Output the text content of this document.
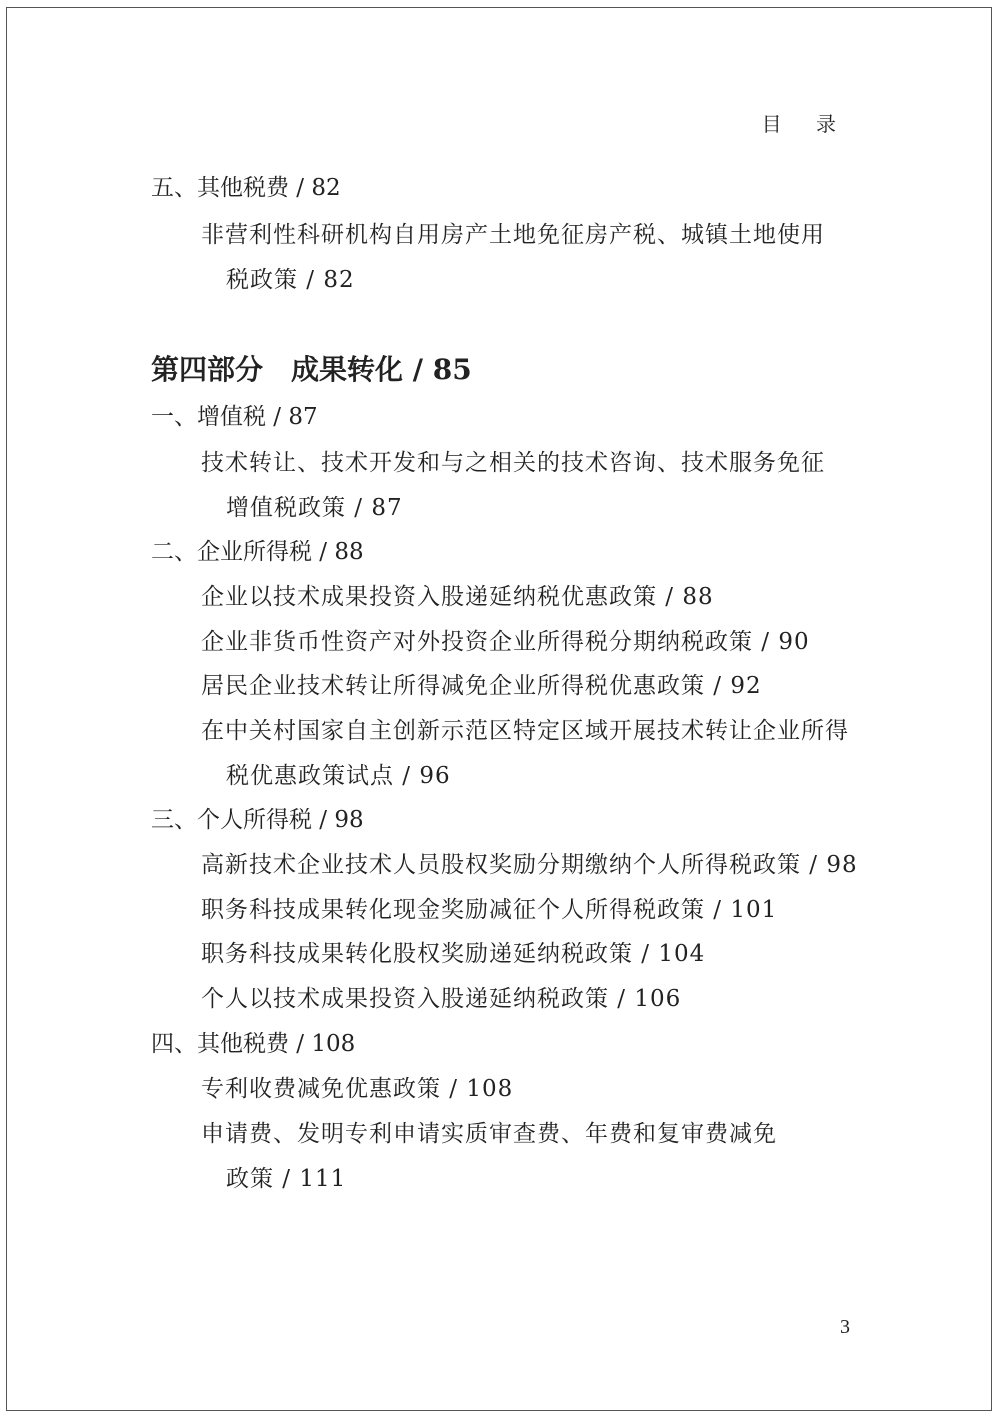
目 录
五、其他税费 / 82
非营利性科研机构自用房产土地免征房产税、城镇土地使用
税政策 / 82
第四部分　成果转化 / 85
一、增值税 / 87
技术转让、技术开发和与之相关的技术咨询、技术服务免征
增值税政策 / 87
二、企业所得税 / 88
企业以技术成果投资入股递延纳税优惠政策 / 88
企业非货币性资产对外投资企业所得税分期纳税政策 / 90
居民企业技术转让所得减免企业所得税优惠政策 / 92
在中关村国家自主创新示范区特定区域开展技术转让企业所得
税优惠政策试点 / 96
三、个人所得税 / 98
高新技术企业技术人员股权奖励分期缴纳个人所得税政策 / 98
职务科技成果转化现金奖励减征个人所得税政策 / 101
职务科技成果转化股权奖励递延纳税政策 / 104
个人以技术成果投资入股递延纳税政策 / 106
四、其他税费 / 108
专利收费减免优惠政策 / 108
申请费、发明专利申请实质审查费、年费和复审费减免
政策 / 111
3
